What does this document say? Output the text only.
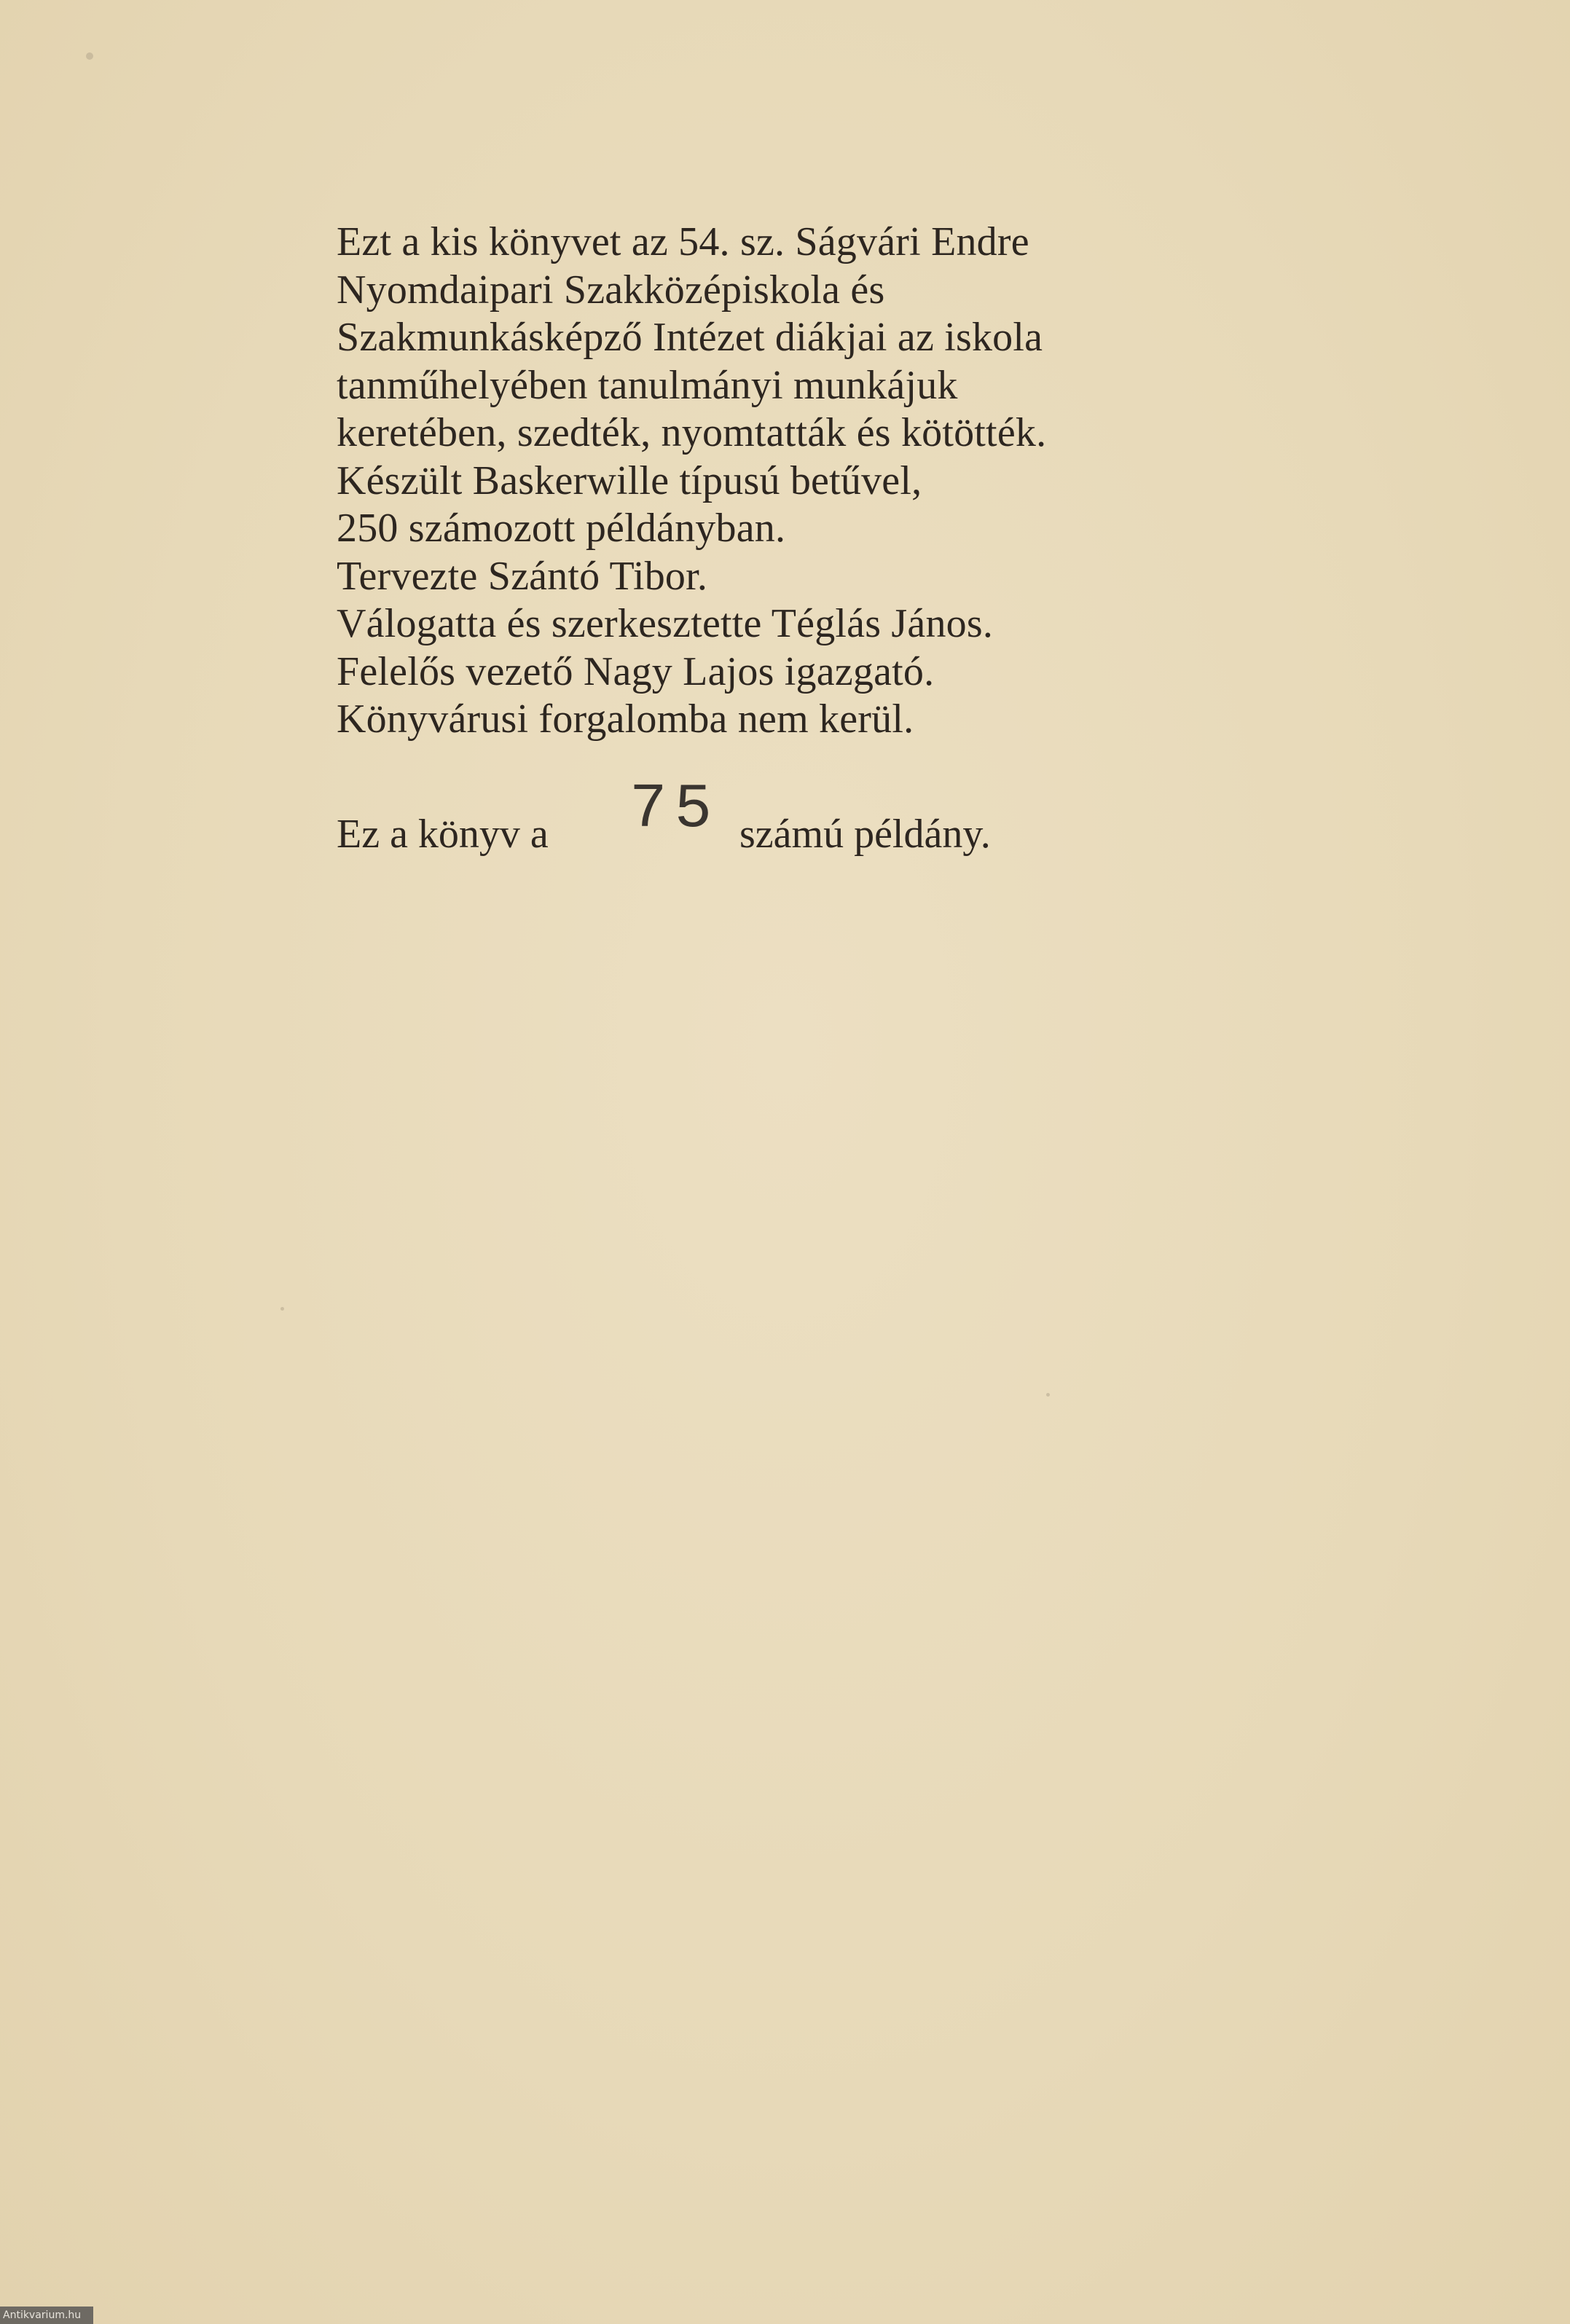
Ezt a kis könyvet az 54. sz. Ságvári Endre
Nyomdaipari Szakközépiskola és
Szakmunkásképző Intézet diákjai az iskola
tanműhelyében tanulmányi munkájuk
keretében, szedték, nyomtatták és kötötték.
Készült Baskerwille típusú betűvel,
250 számozott példányban.
Tervezte Szántó Tibor.
Válogatta és szerkesztette Téglás János.
Felelős vezető Nagy Lajos igazgató.
Könyvárusi forgalomba nem kerül.
Ez a könyv a 75 számú példány.
Antikvarium.hu
